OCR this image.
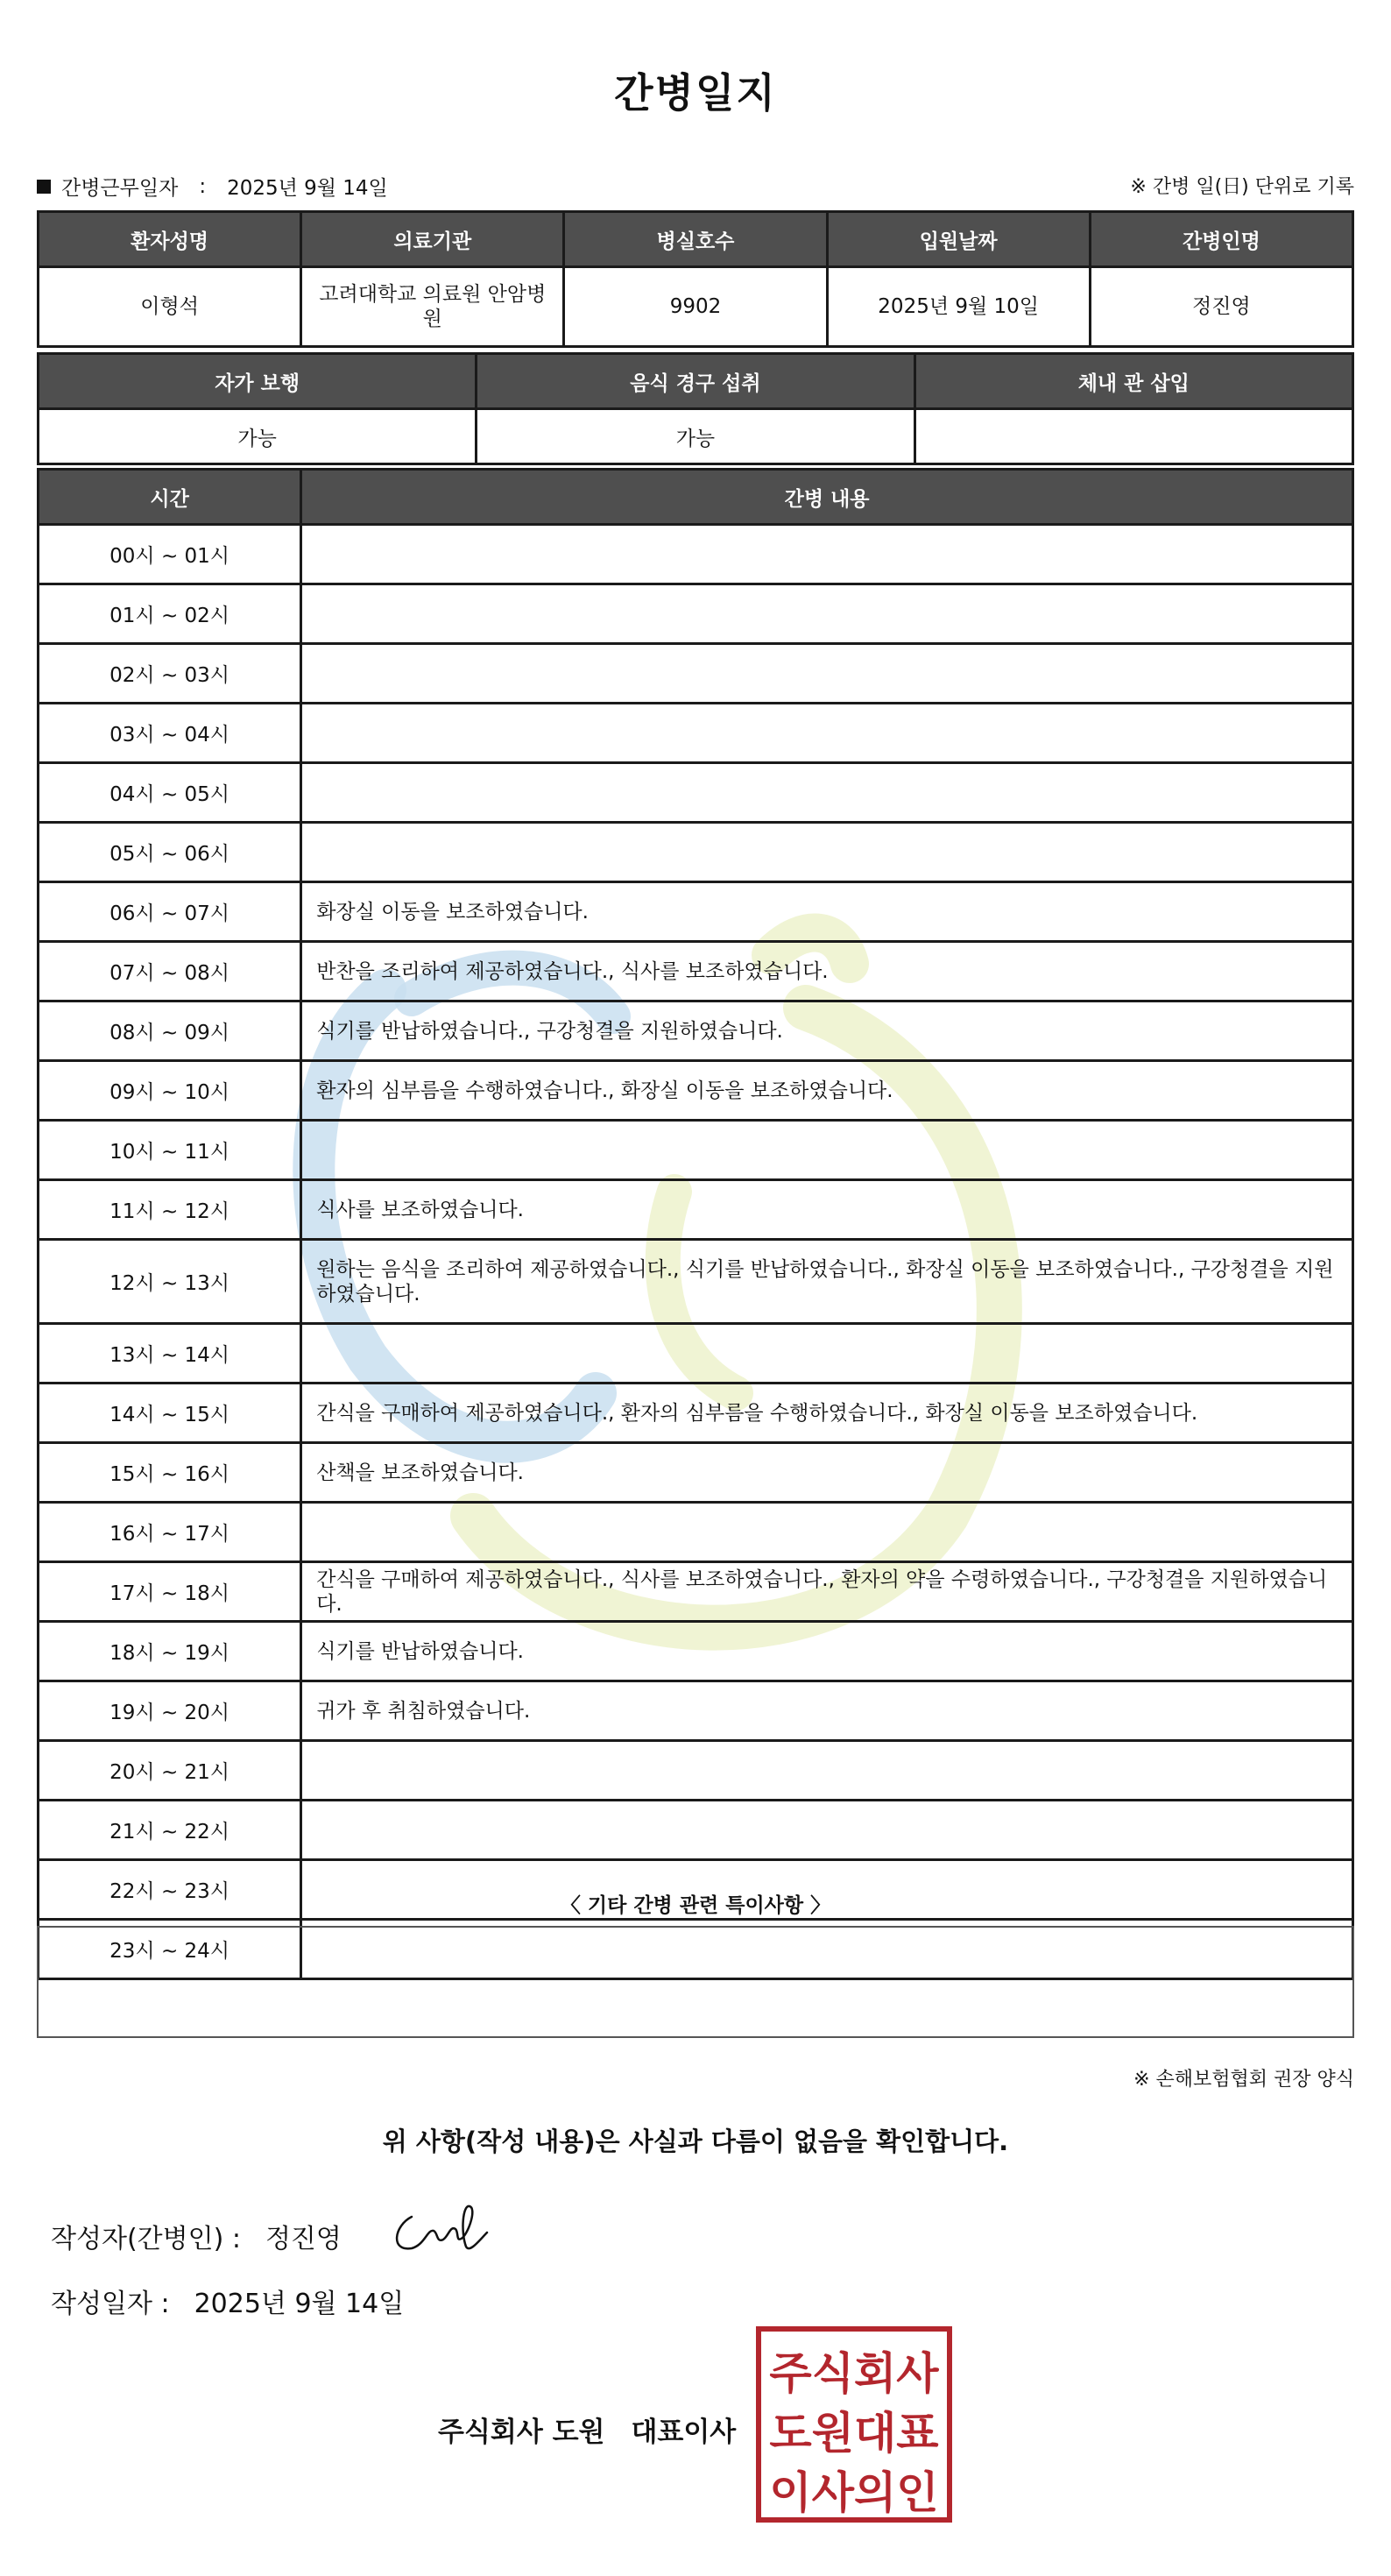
간병일지
간병근무일자 : 2025년 9월 14일	※ 간병 일(日) 단위로 기록
환자성명	의료기관	병실호수	입원날짜	간병인명
이형석	고려대학교 의료원 안암병원	9902	2025년 9월 10일	정진영
자가 보행	음식 경구 섭취	체내 관 삽입
가능	가능	
시간	간병 내용
00시 ~ 01시	
01시 ~ 02시	
02시 ~ 03시	
03시 ~ 04시	
04시 ~ 05시	
05시 ~ 06시	
06시 ~ 07시	화장실 이동을 보조하였습니다.
07시 ~ 08시	반찬을 조리하여 제공하였습니다., 식사를 보조하였습니다.
08시 ~ 09시	식기를 반납하였습니다., 구강청결을 지원하였습니다.
09시 ~ 10시	환자의 심부름을 수행하였습니다., 화장실 이동을 보조하였습니다.
10시 ~ 11시	
11시 ~ 12시	식사를 보조하였습니다.
12시 ~ 13시	원하는 음식을 조리하여 제공하였습니다., 식기를 반납하였습니다., 화장실 이동을 보조하였습니다., 구강청결을 지원하였습니다.
13시 ~ 14시	
14시 ~ 15시	간식을 구매하여 제공하였습니다., 환자의 심부름을 수행하였습니다., 화장실 이동을 보조하였습니다.
15시 ~ 16시	산책을 보조하였습니다.
16시 ~ 17시	
17시 ~ 18시	간식을 구매하여 제공하였습니다., 식사를 보조하였습니다., 환자의 약을 수령하였습니다., 구강청결을 지원하였습니다.
18시 ~ 19시	식기를 반납하였습니다.
19시 ~ 20시	귀가 후 취침하였습니다.
20시 ~ 21시	
21시 ~ 22시	
22시 ~ 23시	
23시 ~ 24시	
〈 기타 간병 관련 특이사항 〉
※ 손해보험협회 권장 양식
위 사항(작성 내용)은 사실과 다름이 없음을 확인합니다.
작성자(간병인) : 정진영
작성일자 : 2025년 9월 14일
주식회사 도원 대표이사
주식회사
도원대표
이사의인
